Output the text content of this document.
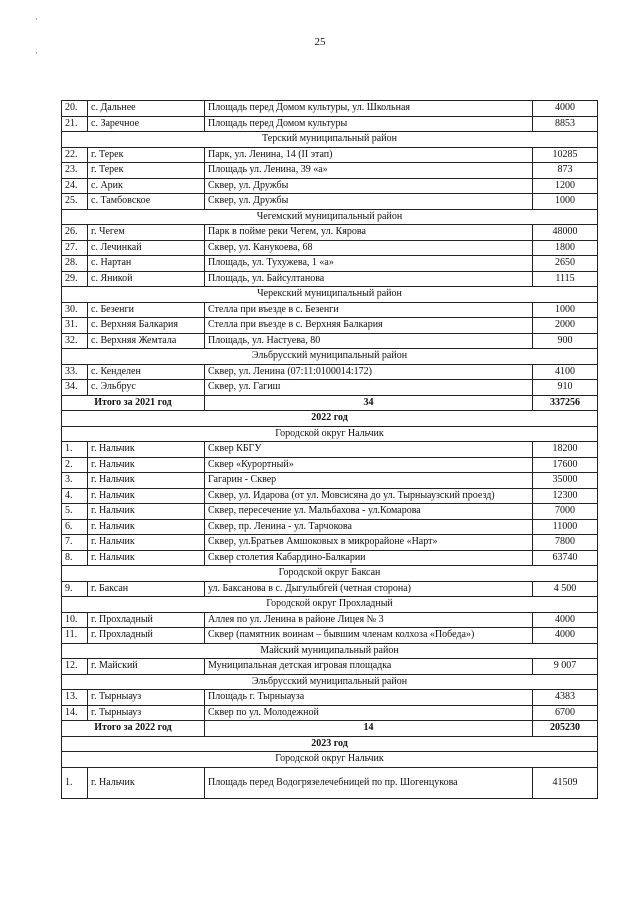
25
·
·
20.	с. Дальнее	Площадь перед Домом культуры, ул. Школьная	4000
21.	с. Заречное	Площадь перед Домом культуры	8853
Терский муниципальный район			
22.	г. Терек	Парк, ул. Ленина, 14 (II этап)	10285
23.	г. Терек	Площадь ул. Ленина, 39 «а»	873
24.	с. Арик	Сквер, ул. Дружбы	1200
25.	с. Тамбовское	Сквер, ул. Дружбы	1000
Чегемский муниципальный район			
26.	г. Чегем	Парк в пойме реки Чегем, ул. Кярова	48000
27.	с. Лечинкай	Сквер, ул. Канукоева, 68	1800
28.	с. Нартан	Площадь, ул. Тухужева, 1 «а»	2650
29.	с. Яникой	Площадь, ул. Байсултанова	1115
Черекский муниципальный район			
30.	с. Безенги	Стелла при въезде в с. Безенги	1000
31.	с. Верхняя Балкария	Стелла при въезде в с. Верхняя Балкария	2000
32.	с. Верхняя Жемтала	Площадь, ул. Настуева, 80	900
Эльбрусский муниципальный район			
33.	с. Кенделен	Сквер, ул. Ленина (07:11:0100014:172)	4100
34.	с. Эльбрус	Сквер, ул. Гагиш	910
Итого за 2021 год		34	337256
2022 год			
Городской округ Нальчик			
1.	г. Нальчик	Сквер КБГУ	18200
2.	г. Нальчик	Сквер «Курортный»	17600
3.	г. Нальчик	Гагарин - Сквер	35000
4.	г. Нальчик	Сквер, ул. Идарова (от ул. Мовсисяна до ул. Тырныаузский проезд)	12300
5.	г. Нальчик	Сквер, пересечение ул. Мальбахова - ул.Комарова	7000
6.	г. Нальчик	Сквер, пр. Ленина - ул. Тарчокова	11000
7.	г. Нальчик	Сквер, ул.Братьев Амшоковых в микрорайоне «Нарт»	7800
8.	г. Нальчик	Сквер столетия Кабардино-Балкарии	63740
Городской округ Баксан			
9.	г. Баксан	ул. Баксанова в с. Дыгулыбгей (четная сторона)	4 500
Городской округ Прохладный			
10.	г. Прохладный	Аллея по ул. Ленина в районе Лицея № 3	4000
11.	г. Прохладный	Сквер (памятник воинам – бывшим членам колхоза «Победа»)	4000
Майский муниципальный район			
12.	г. Майский	Муниципальная детская игровая площадка	9 007
Эльбрусский муниципальный район			
13.	г. Тырныауз	Площадь г. Тырныауза	4383
14.	г. Тырныауз	Сквер по ул. Молодежной	6700
Итого за 2022 год		14	205230
2023 год			
Городской округ Нальчик			
1.	г. Нальчик	Площадь перед Водогрязелечебницей по пр. Шогенцукова	41509
